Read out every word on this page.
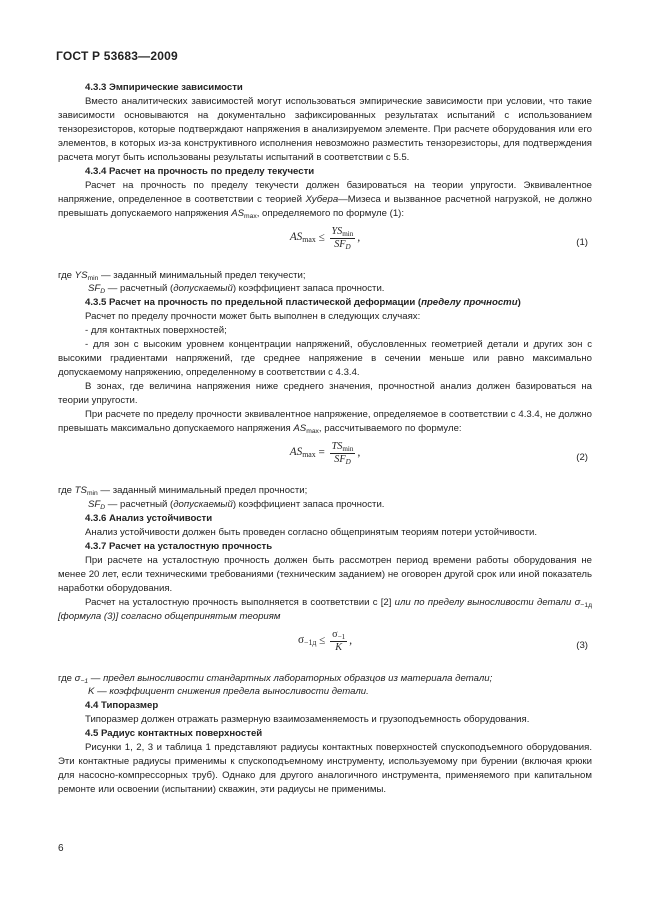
ГОСТ Р 53683—2009

4.3.3 Эмпирические зависимости

Вместо аналитических зависимостей могут использоваться эмпирические зависимости при условии, что такие зависимости основываются на документально зафиксированных результатах испытаний с использованием тензорезисторов, которые подтверждают напряжения в анализируемом элементе. При расчете оборудования или его элементов, в которых из-за конструктивного исполнения невозможно разместить тензорезисторы, для подтверждения расчета могут быть использованы результаты испытаний в соответствии с 5.5.

4.3.4 Расчет на прочность по пределу текучести

Расчет на прочность по пределу текучести должен базироваться на теории упругости. Эквивалентное напряжение, определенное в соответствии с теорией Хубера—Мизеса и вызванное расчетной нагрузкой, не должно превышать допускаемого напряжения $AS_{max}$, определяемого по формуле (1):

$AS_{max} \le \frac{YS_{min}}{SF_D}$ ,	(1)

где $YS_{min}$ — заданный минимальный предел текучести;

$SF_D$ — расчетный (допускаемый) коэффициент запаса прочности.

4.3.5 Расчет на прочность по предельной пластической деформации (пределу прочности)

Расчет по пределу прочности может быть выполнен в следующих случаях:

- для контактных поверхностей;

- для зон с высоким уровнем концентрации напряжений, обусловленных геометрией детали и других зон с высокими градиентами напряжений, где среднее напряжение в сечении меньше или равно максимально допускаемому напряжению, определенному в соответствии с 4.3.4.

В зонах, где величина напряжения ниже среднего значения, прочностной анализ должен базироваться на теории упругости.

При расчете по пределу прочности эквивалентное напряжение, определяемое в соответствии с 4.3.4, не должно превышать максимально допускаемого напряжения $AS_{max}$, рассчитываемого по формуле:

$AS_{max} = \frac{TS_{min}}{SF_D}$ ,	(2)

где $TS_{min}$ — заданный минимальный предел прочности;

$SF_D$ — расчетный (допускаемый) коэффициент запаса прочности.

4.3.6 Анализ устойчивости

Анализ устойчивости должен быть проведен согласно общепринятым теориям потери устойчивости.

4.3.7 Расчет на усталостную прочность

При расчете на усталостную прочность должен быть рассмотрен период времени работы оборудования не менее 20 лет, если техническими требованиями (техническим заданием) не оговорен другой срок или иной показатель наработки оборудования.

Расчет на усталостную прочность выполняется в соответствии с [2] или по пределу выносливости детали $\sigma_{-1д}$ [формула (3)] согласно общепринятым теориям

$\sigma_{-1д} \le \frac{\sigma_{-1}}{K}$ ,	(3)

где $\sigma_{-1}$ — предел выносливости стандартных лабораторных образцов из материала детали;

K — коэффициент снижения предела выносливости детали.

4.4 Типоразмер

Типоразмер должен отражать размерную взаимозаменяемость и грузоподъемность оборудования.

4.5 Радиус контактных поверхностей

Рисунки 1, 2, 3 и таблица 1 представляют радиусы контактных поверхностей спускоподъемного оборудования. Эти контактные радиусы применимы к спускоподъемному инструменту, используемому при бурении (включая крюки для насосно-компрессорных труб). Однако для другого аналогичного инструмента, применяемого при капитальном ремонте или освоении (испытании) скважин, эти радиусы не применимы.

6
